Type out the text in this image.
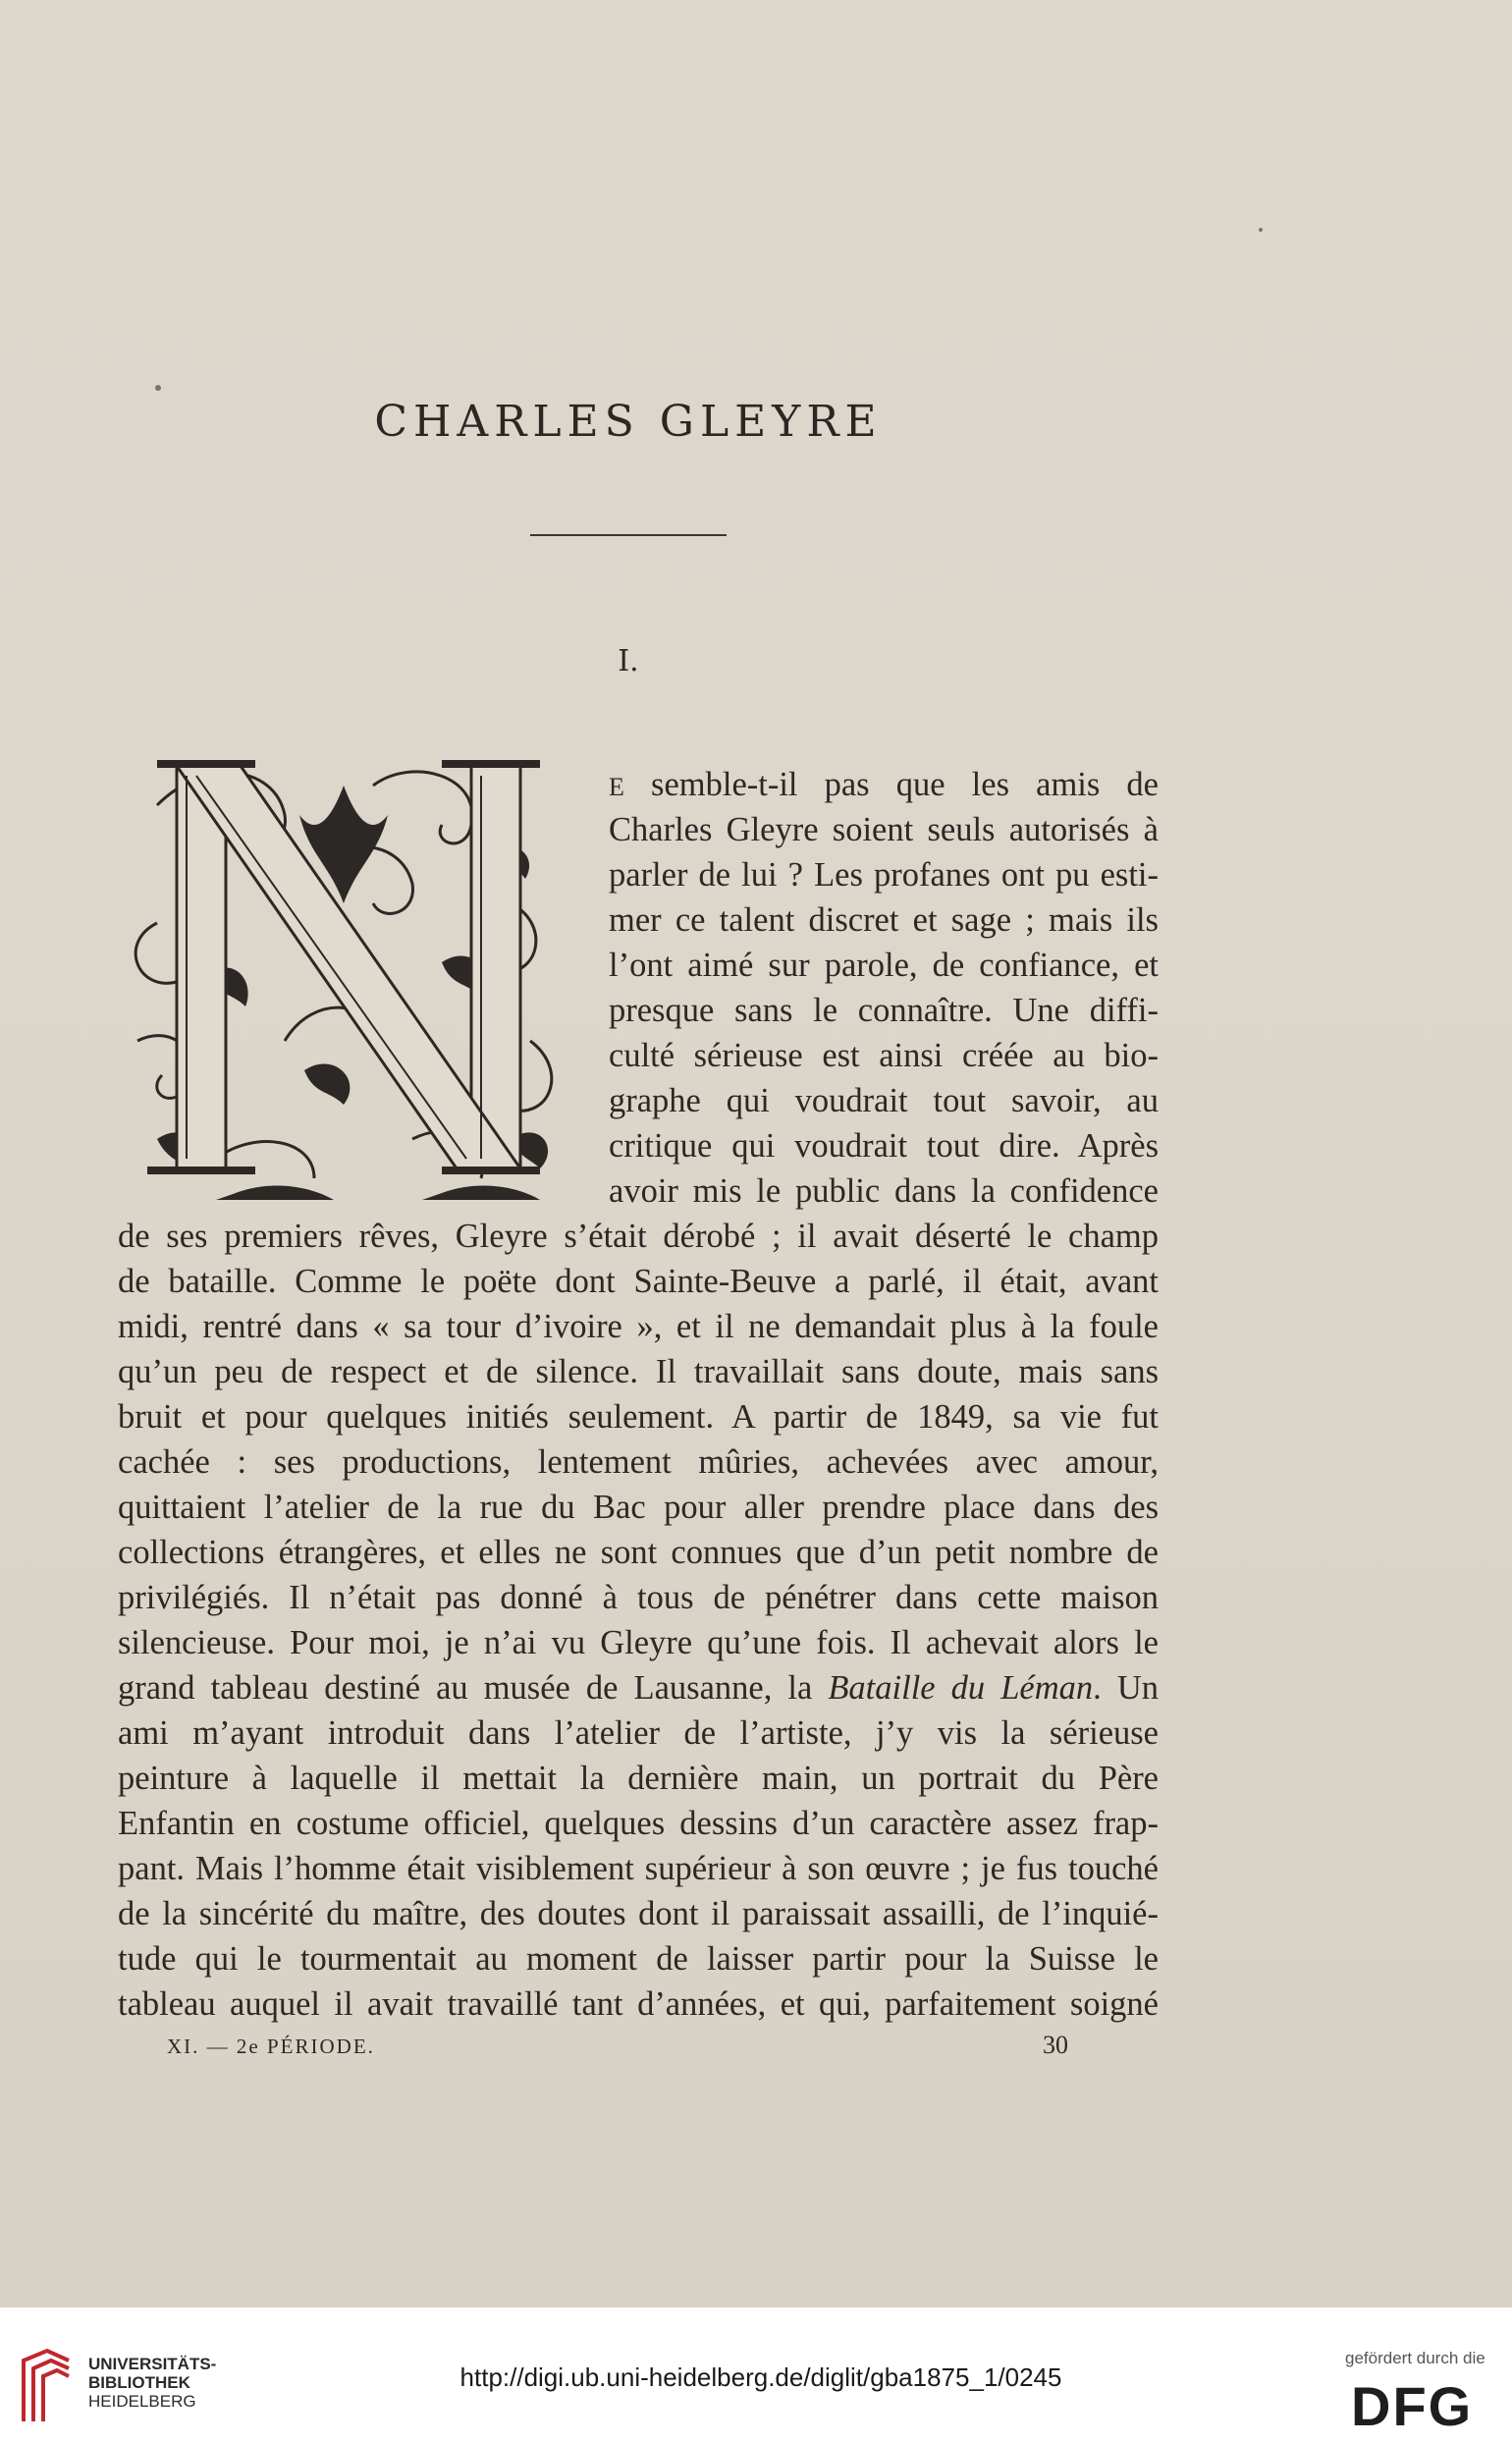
CHARLES GLEYRE
I.
E semble-t-il pas que les amis de
Charles Gleyre soient seuls autorisés à
parler de lui ? Les profanes ont pu esti-
mer ce talent discret et sage ; mais ils
l’ont aimé sur parole, de confiance, et
presque sans le connaître. Une diffi-
culté sérieuse est ainsi créée au bio-
graphe qui voudrait tout savoir, au
critique qui voudrait tout dire. Après
avoir mis le public dans la confidence
de ses premiers rêves, Gleyre s’était dérobé ; il avait déserté le champ
de bataille. Comme le poëte dont Sainte-Beuve a parlé, il était, avant
midi, rentré dans « sa tour d’ivoire », et il ne demandait plus à la foule
qu’un peu de respect et de silence. Il travaillait sans doute, mais sans
bruit et pour quelques initiés seulement. A partir de 1849, sa vie fut
cachée : ses productions, lentement mûries, achevées avec amour,
quittaient l’atelier de la rue du Bac pour aller prendre place dans des
collections étrangères, et elles ne sont connues que d’un petit nombre de
privilégiés. Il n’était pas donné à tous de pénétrer dans cette maison
silencieuse. Pour moi, je n’ai vu Gleyre qu’une fois. Il achevait alors le
grand tableau destiné au musée de Lausanne, la Bataille du Léman. Un
ami m’ayant introduit dans l’atelier de l’artiste, j’y vis la sérieuse
peinture à laquelle il mettait la dernière main, un portrait du Père
Enfantin en costume officiel, quelques dessins d’un caractère assez frap-
pant. Mais l’homme était visiblement supérieur à son œuvre ; je fus touché
de la sincérité du maître, des doutes dont il paraissait assailli, de l’inquié-
tude qui le tourmentait au moment de laisser partir pour la Suisse le
tableau auquel il avait travaillé tant d’années, et qui, parfaitement soigné
XI. — 2e PÉRIODE.	30
UNIVERSITÄTS-
BIBLIOTHEK
HEIDELBERG
http://digi.ub.uni-heidelberg.de/diglit/gba1875_1/0245
gefördert durch die
DFG
